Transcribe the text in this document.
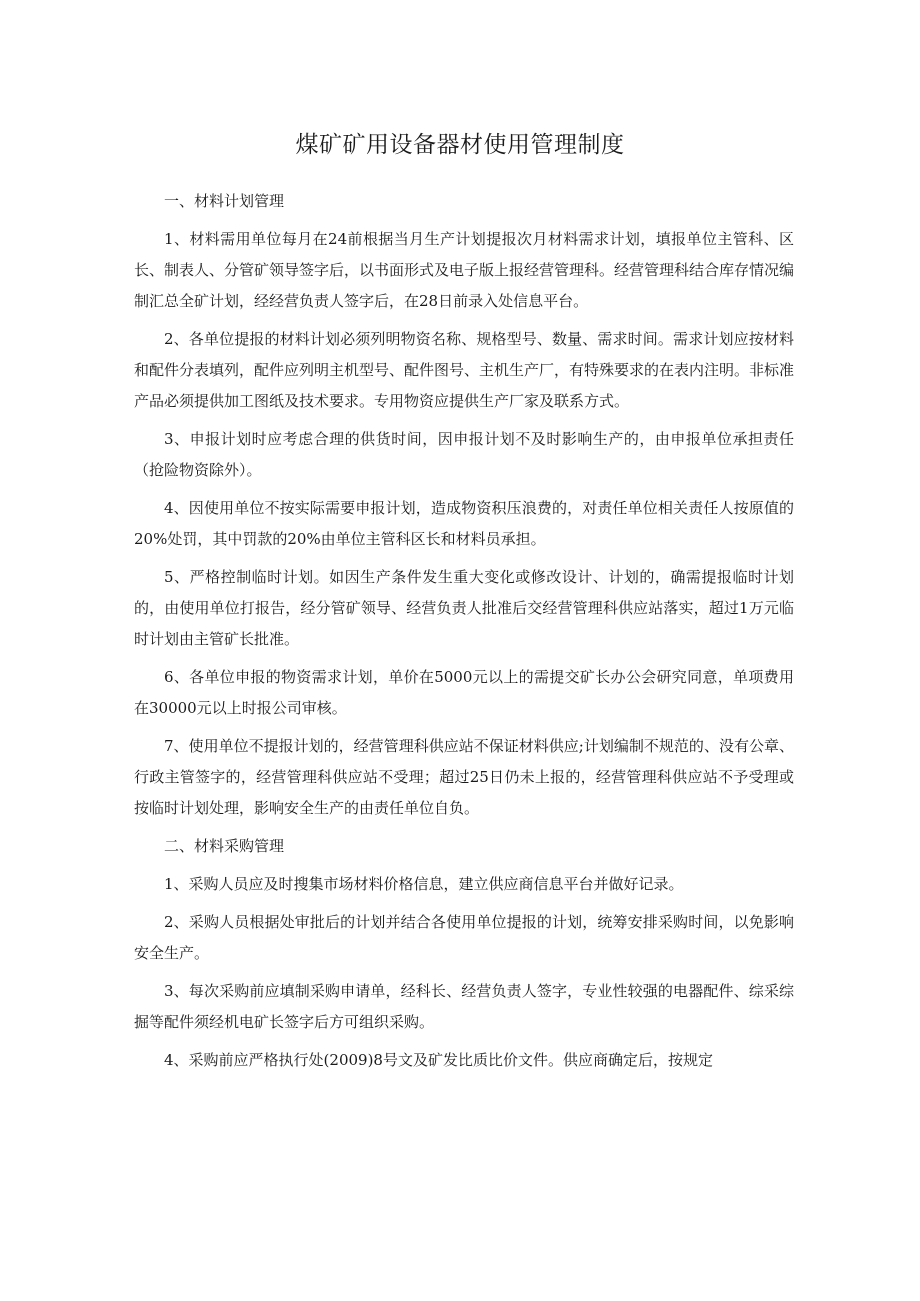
煤矿矿用设备器材使用管理制度

一、材料计划管理

1、材料需用单位每月在24前根据当月生产计划提报次月材料需求计划，填报单位主管科、区长、制表人、分管矿领导签字后，以书面形式及电子版上报经营管理科。经营管理科结合库存情况编制汇总全矿计划，经经营负责人签字后，在28日前录入处信息平台。

2、各单位提报的材料计划必须列明物资名称、规格型号、数量、需求时间。需求计划应按材料和配件分表填列，配件应列明主机型号、配件图号、主机生产厂，有特殊要求的在表内注明。非标准产品必须提供加工图纸及技术要求。专用物资应提供生产厂家及联系方式。

3、申报计划时应考虑合理的供货时间，因申报计划不及时影响生产的，由申报单位承担责任（抢险物资除外）。

4、因使用单位不按实际需要申报计划，造成物资积压浪费的，对责任单位相关责任人按原值的20%处罚，其中罚款的20%由单位主管科区长和材料员承担。

5、严格控制临时计划。如因生产条件发生重大变化或修改设计、计划的，确需提报临时计划的，由使用单位打报告，经分管矿领导、经营负责人批准后交经营管理科供应站落实，超过1万元临时计划由主管矿长批准。

6、各单位申报的物资需求计划，单价在5000元以上的需提交矿长办公会研究同意，单项费用在30000元以上时报公司审核。

7、使用单位不提报计划的，经营管理科供应站不保证材料供应;计划编制不规范的、没有公章、行政主管签字的，经营管理科供应站不受理；超过25日仍未上报的，经营管理科供应站不予受理或按临时计划处理，影响安全生产的由责任单位自负。

二、材料采购管理

1、采购人员应及时搜集市场材料价格信息，建立供应商信息平台并做好记录。

2、采购人员根据处审批后的计划并结合各使用单位提报的计划，统筹安排采购时间，以免影响安全生产。

3、每次采购前应填制采购申请单，经科长、经营负责人签字，专业性较强的电器配件、综采综掘等配件须经机电矿长签字后方可组织采购。

4、采购前应严格执行处(2009)8号文及矿发比质比价文件。供应商确定后，按规定
